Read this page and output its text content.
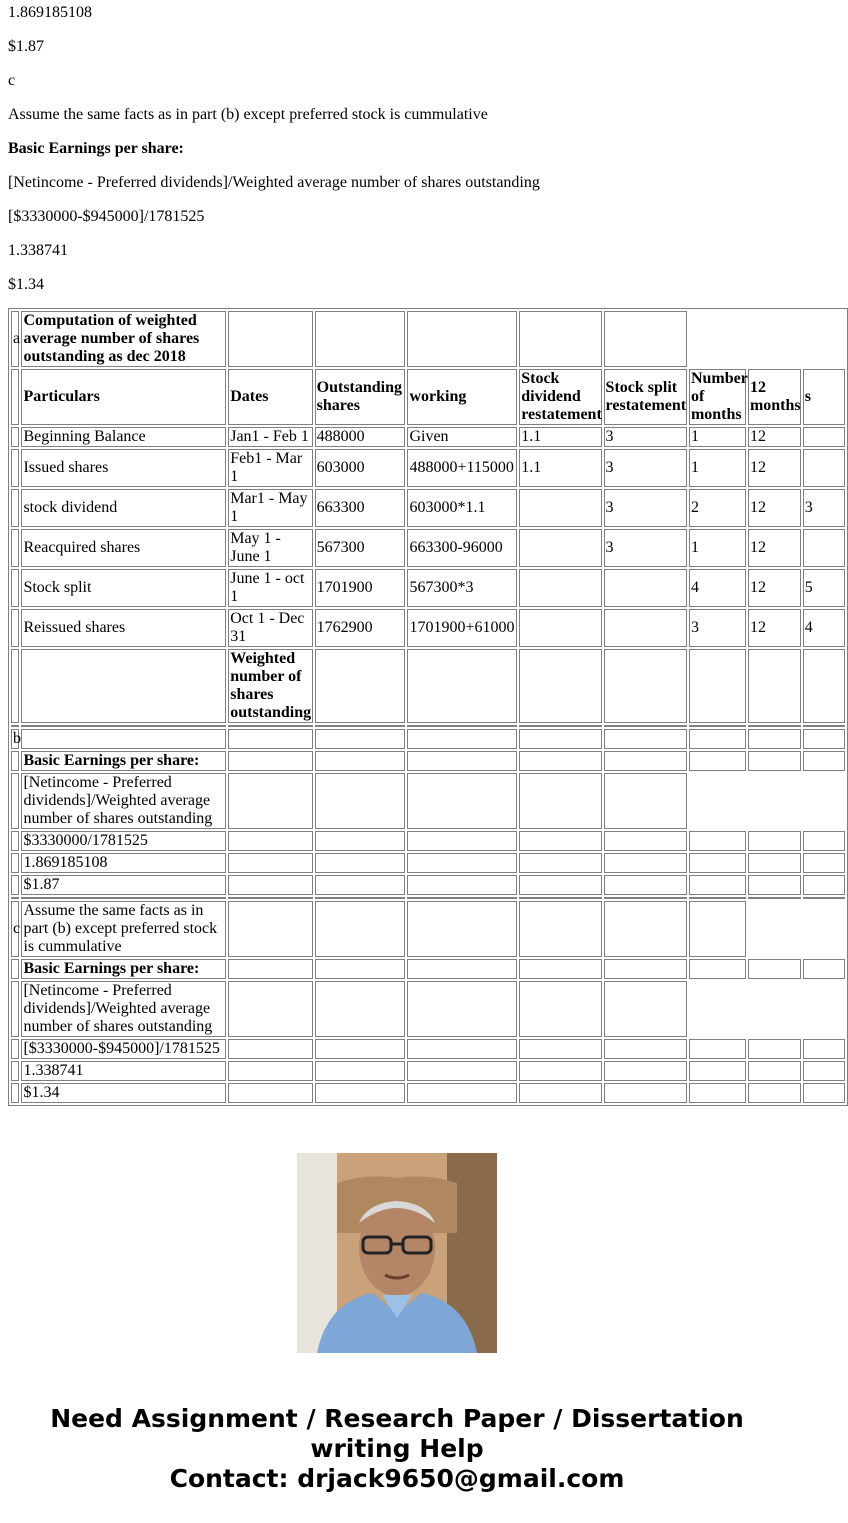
1.869185108

$1.87

c

Assume the same facts as in part (b) except preferred stock is cummulative

Basic Earnings per share:

[Netincome - Preferred dividends]/Weighted average number of shares outstanding

[$3330000-$945000]/1781525

1.338741

$1.34

a	Computation of weighted average number of shares outstanding as dec 2018								
	Particulars	Dates	Outstanding shares	working	Stock dividend restatement	Stock split restatement	Number of months	12 months	s
	Beginning Balance	Jan1 - Feb 1	488000	Given	1.1	3	1	12	
	Issued shares	Feb1 - Mar 1	603000	488000+115000	1.1	3	1	12	
	stock dividend	Mar1 - May 1	663300	603000*1.1		3	2	12	3
	Reacquired shares	May 1 - June 1	567300	663300-96000		3	1	12	
	Stock split	June 1 - oct 1	1701900	567300*3			4	12	5
	Reissued shares	Oct 1 - Dec 31	1762900	1701900+61000			3	12	4
		Weighted number of shares outstanding							

b									
	Basic Earnings per share:								
	[Netincome - Preferred dividends]/Weighted average number of shares outstanding								
	$3330000/1781525								
	1.869185108								
	$1.87								

c	Assume the same facts as in part (b) except preferred stock is cummulative								
	Basic Earnings per share:								
	[Netincome - Preferred dividends]/Weighted average number of shares outstanding								
	[$3330000-$945000]/1781525								
	1.338741								
	$1.34								
Need Assignment / Research Paper / Dissertation
writing Help
Contact: drjack9650@gmail.com
